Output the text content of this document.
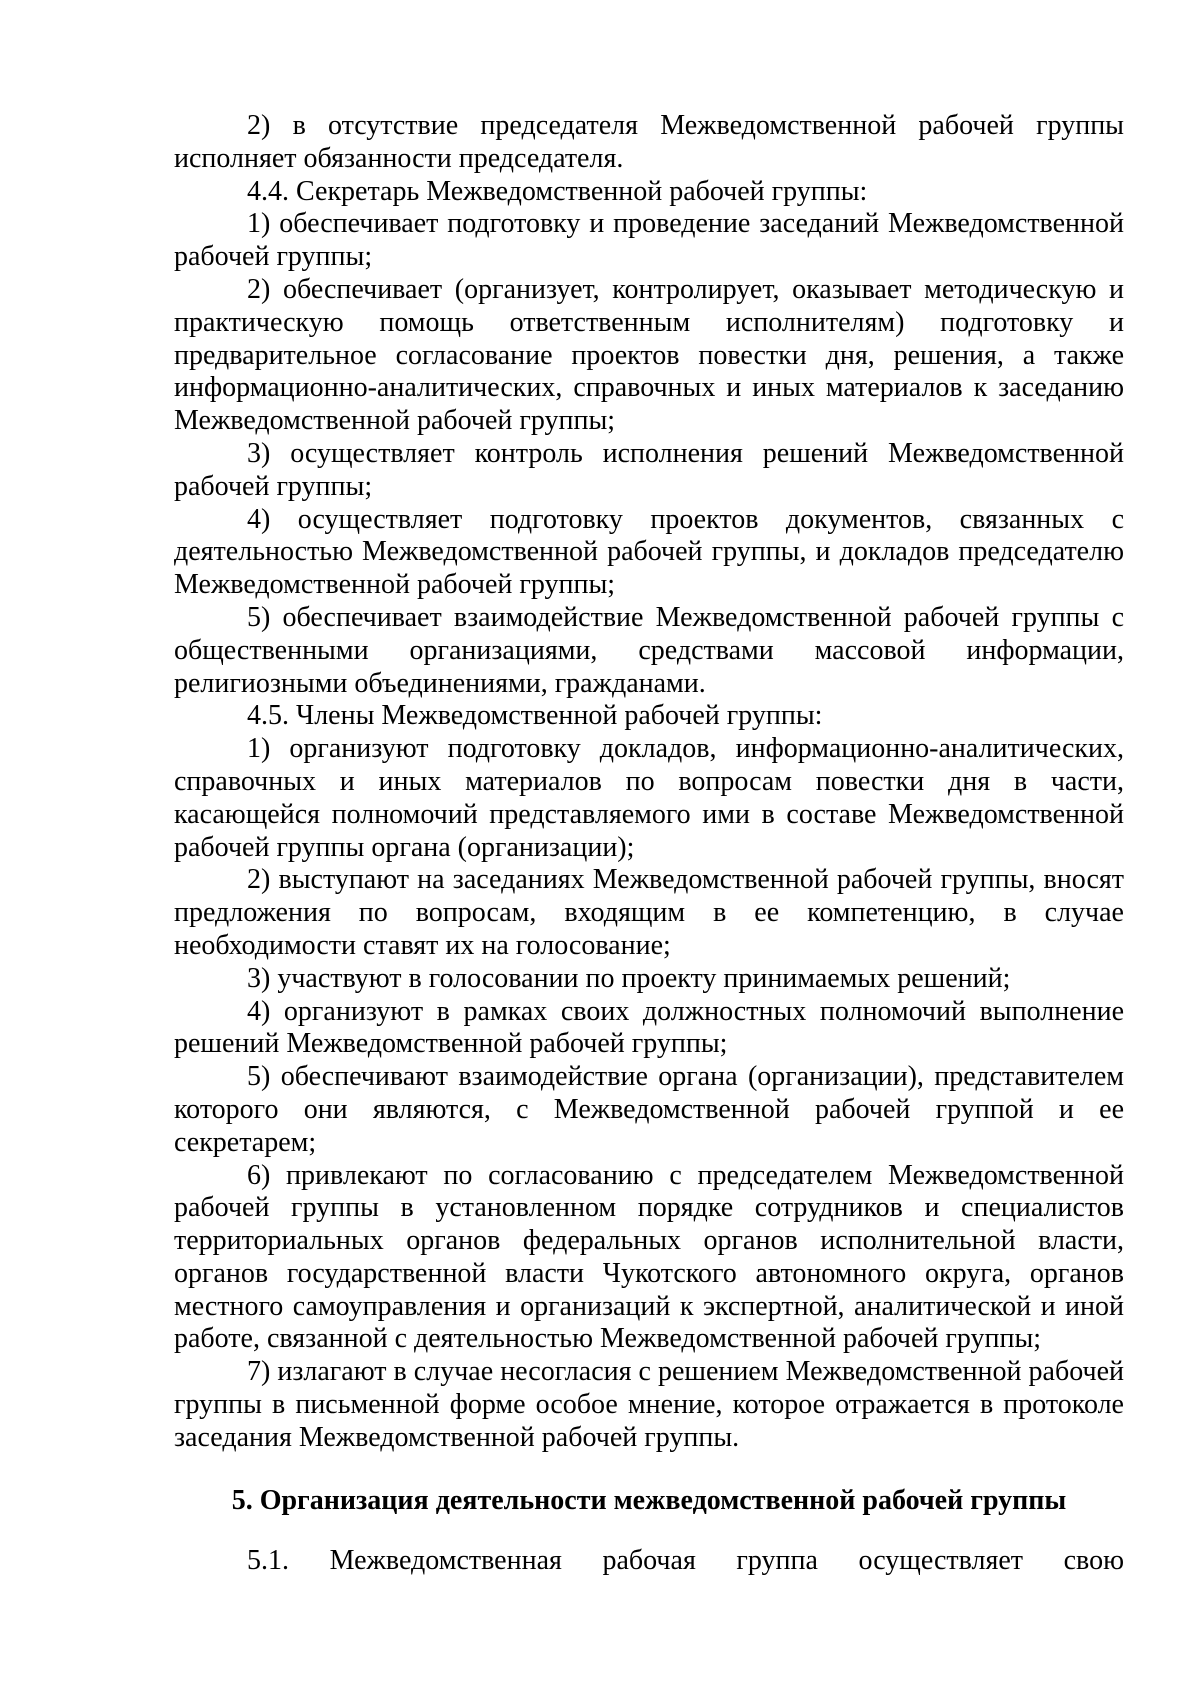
2) в отсутствие председателя Межведомственной рабочей группы исполняет обязанности председателя.

4.4. Секретарь Межведомственной рабочей группы:

1) обеспечивает подготовку и проведение заседаний Межведомственной рабочей группы;

2) обеспечивает (организует, контролирует, оказывает методическую и практическую помощь ответственным исполнителям) подготовку и предварительное согласование проектов повестки дня, решения, а также информационно-аналитических, справочных и иных материалов к заседанию Межведомственной рабочей группы;

3) осуществляет контроль исполнения решений Межведомственной рабочей группы;

4) осуществляет подготовку проектов документов, связанных с деятельностью Межведомственной рабочей группы, и докладов председателю Межведомственной рабочей группы;

5) обеспечивает взаимодействие Межведомственной рабочей группы с общественными организациями, средствами массовой информации, религиозными объединениями, гражданами.

4.5. Члены Межведомственной рабочей группы:

1) организуют подготовку докладов, информационно-аналитических, справочных и иных материалов по вопросам повестки дня в части, касающейся полномочий представляемого ими в составе Межведомственной рабочей группы органа (организации);

2) выступают на заседаниях Межведомственной рабочей группы, вносят предложения по вопросам, входящим в ее компетенцию, в случае необходимости ставят их на голосование;

3) участвуют в голосовании по проекту принимаемых решений;

4) организуют в рамках своих должностных полномочий выполнение решений Межведомственной рабочей группы;

5) обеспечивают взаимодействие органа (организации), представителем которого они являются, с Межведомственной рабочей группой и ее секретарем;

6) привлекают по согласованию с председателем Межведомственной рабочей группы в установленном порядке сотрудников и специалистов территориальных органов федеральных органов исполнительной власти, органов государственной власти Чукотского автономного округа, органов местного самоуправления и организаций к экспертной, аналитической и иной работе, связанной с деятельностью Межведомственной рабочей группы;

7) излагают в случае несогласия с решением Межведомственной рабочей группы в письменной форме особое мнение, которое отражается в протоколе заседания Межведомственной рабочей группы.

5. Организация деятельности межведомственной рабочей группы

5.1. Межведомственная рабочая группа осуществляет свою
